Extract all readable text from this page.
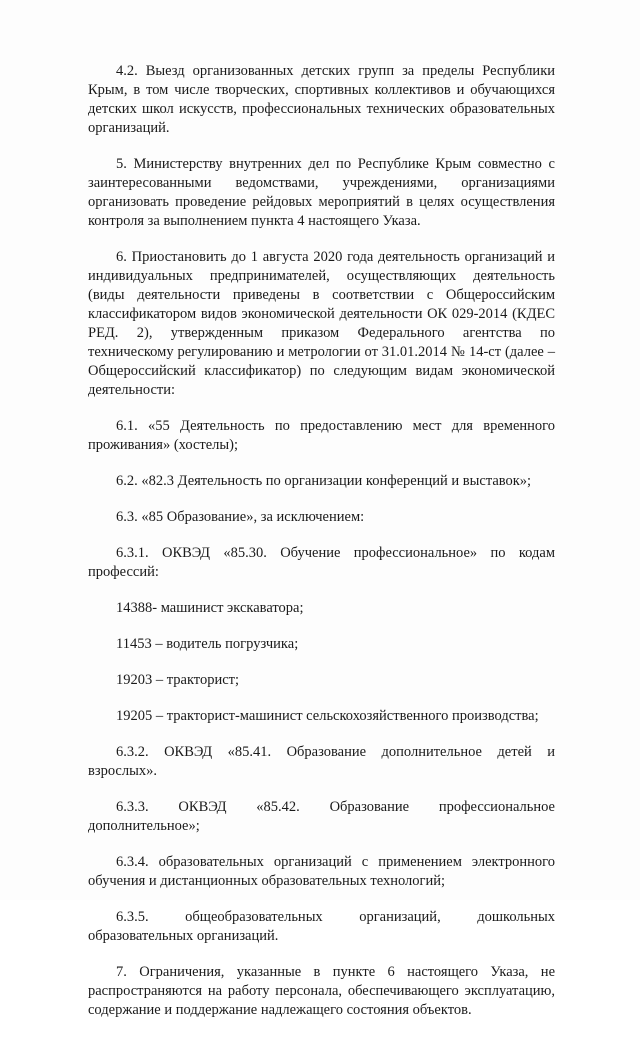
4.2. Выезд организованных детских групп за пределы Республики Крым, в том числе творческих, спортивных коллективов и обучающихся детских школ искусств, профессиональных технических образовательных организаций.

5. Министерству внутренних дел по Республике Крым совместно с заинтересованными ведомствами, учреждениями, организациями организовать проведение рейдовых мероприятий в целях осуществления контроля за выполнением пункта 4 настоящего Указа.

6. Приостановить до 1 августа 2020 года деятельность организаций и индивидуальных предпринимателей, осуществляющих деятельность (виды деятельности приведены в соответствии с Общероссийским классификатором видов экономической деятельности ОК 029-2014 (КДЕС РЕД. 2), утвержденным приказом Федерального агентства по техническому регулированию и метрологии от 31.01.2014 № 14-ст (далее – Общероссийский классификатор) по следующим видам экономической деятельности:

6.1. «55 Деятельность по предоставлению мест для временного проживания» (хостелы);

6.2. «82.3 Деятельность по организации конференций и выставок»;

6.3. «85 Образование», за исключением:

6.3.1. ОКВЭД «85.30. Обучение профессиональное» по кодам профессий:

14388- машинист экскаватора;

11453 – водитель погрузчика;

19203 – тракторист;

19205 – тракторист-машинист сельскохозяйственного производства;

6.3.2. ОКВЭД «85.41. Образование дополнительное детей и взрослых».

6.3.3. ОКВЭД «85.42. Образование профессиональное дополнительное»;

6.3.4. образовательных организаций с применением электронного обучения и дистанционных образовательных технологий;

6.3.5. общеобразовательных организаций, дошкольных образовательных организаций.

7. Ограничения, указанные в пункте 6 настоящего Указа, не распространяются на работу персонала, обеспечивающего эксплуатацию, содержание и поддержание надлежащего состояния объектов.
